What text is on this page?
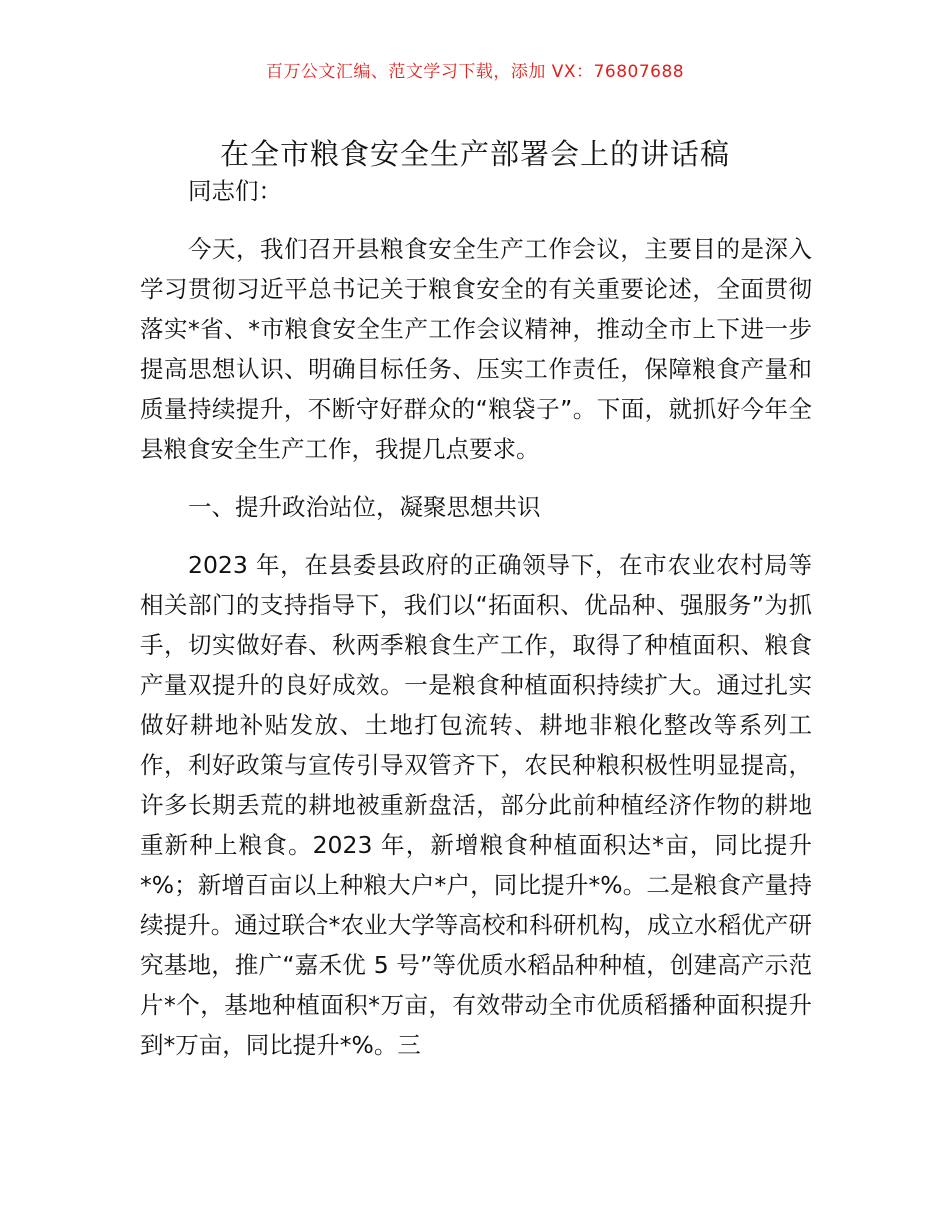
百万公文汇编、范文学习下载，添加 VX：76807688
在全市粮食安全生产部署会上的讲话稿

同志们：

今天，我们召开县粮食安全生产工作会议，主要目的是深入学习贯彻习近平总书记关于粮食安全的有关重要论述，全面贯彻落实*省、*市粮食安全生产工作会议精神，推动全市上下进一步提高思想认识、明确目标任务、压实工作责任，保障粮食产量和质量持续提升，不断守好群众的“粮袋子”。下面，就抓好今年全县粮食安全生产工作，我提几点要求。

一、提升政治站位，凝聚思想共识

2023 年，在县委县政府的正确领导下，在市农业农村局等相关部门的支持指导下，我们以“拓面积、优品种、强服务”为抓手，切实做好春、秋两季粮食生产工作，取得了种植面积、粮食产量双提升的良好成效。一是粮食种植面积持续扩大。通过扎实做好耕地补贴发放、土地打包流转、耕地非粮化整改等系列工作，利好政策与宣传引导双管齐下，农民种粮积极性明显提高，许多长期丢荒的耕地被重新盘活，部分此前种植经济作物的耕地重新种上粮食。2023 年，新增粮食种植面积达*亩，同比提升*%；新增百亩以上种粮大户*户，同比提升*%。二是粮食产量持续提升。通过联合*农业大学等高校和科研机构，成立水稻优产研究基地，推广“嘉禾优 5 号”等优质水稻品种种植，创建高产示范片*个，基地种植面积*万亩，有效带动全市优质稻播种面积提升到*万亩，同比提升*%。三
